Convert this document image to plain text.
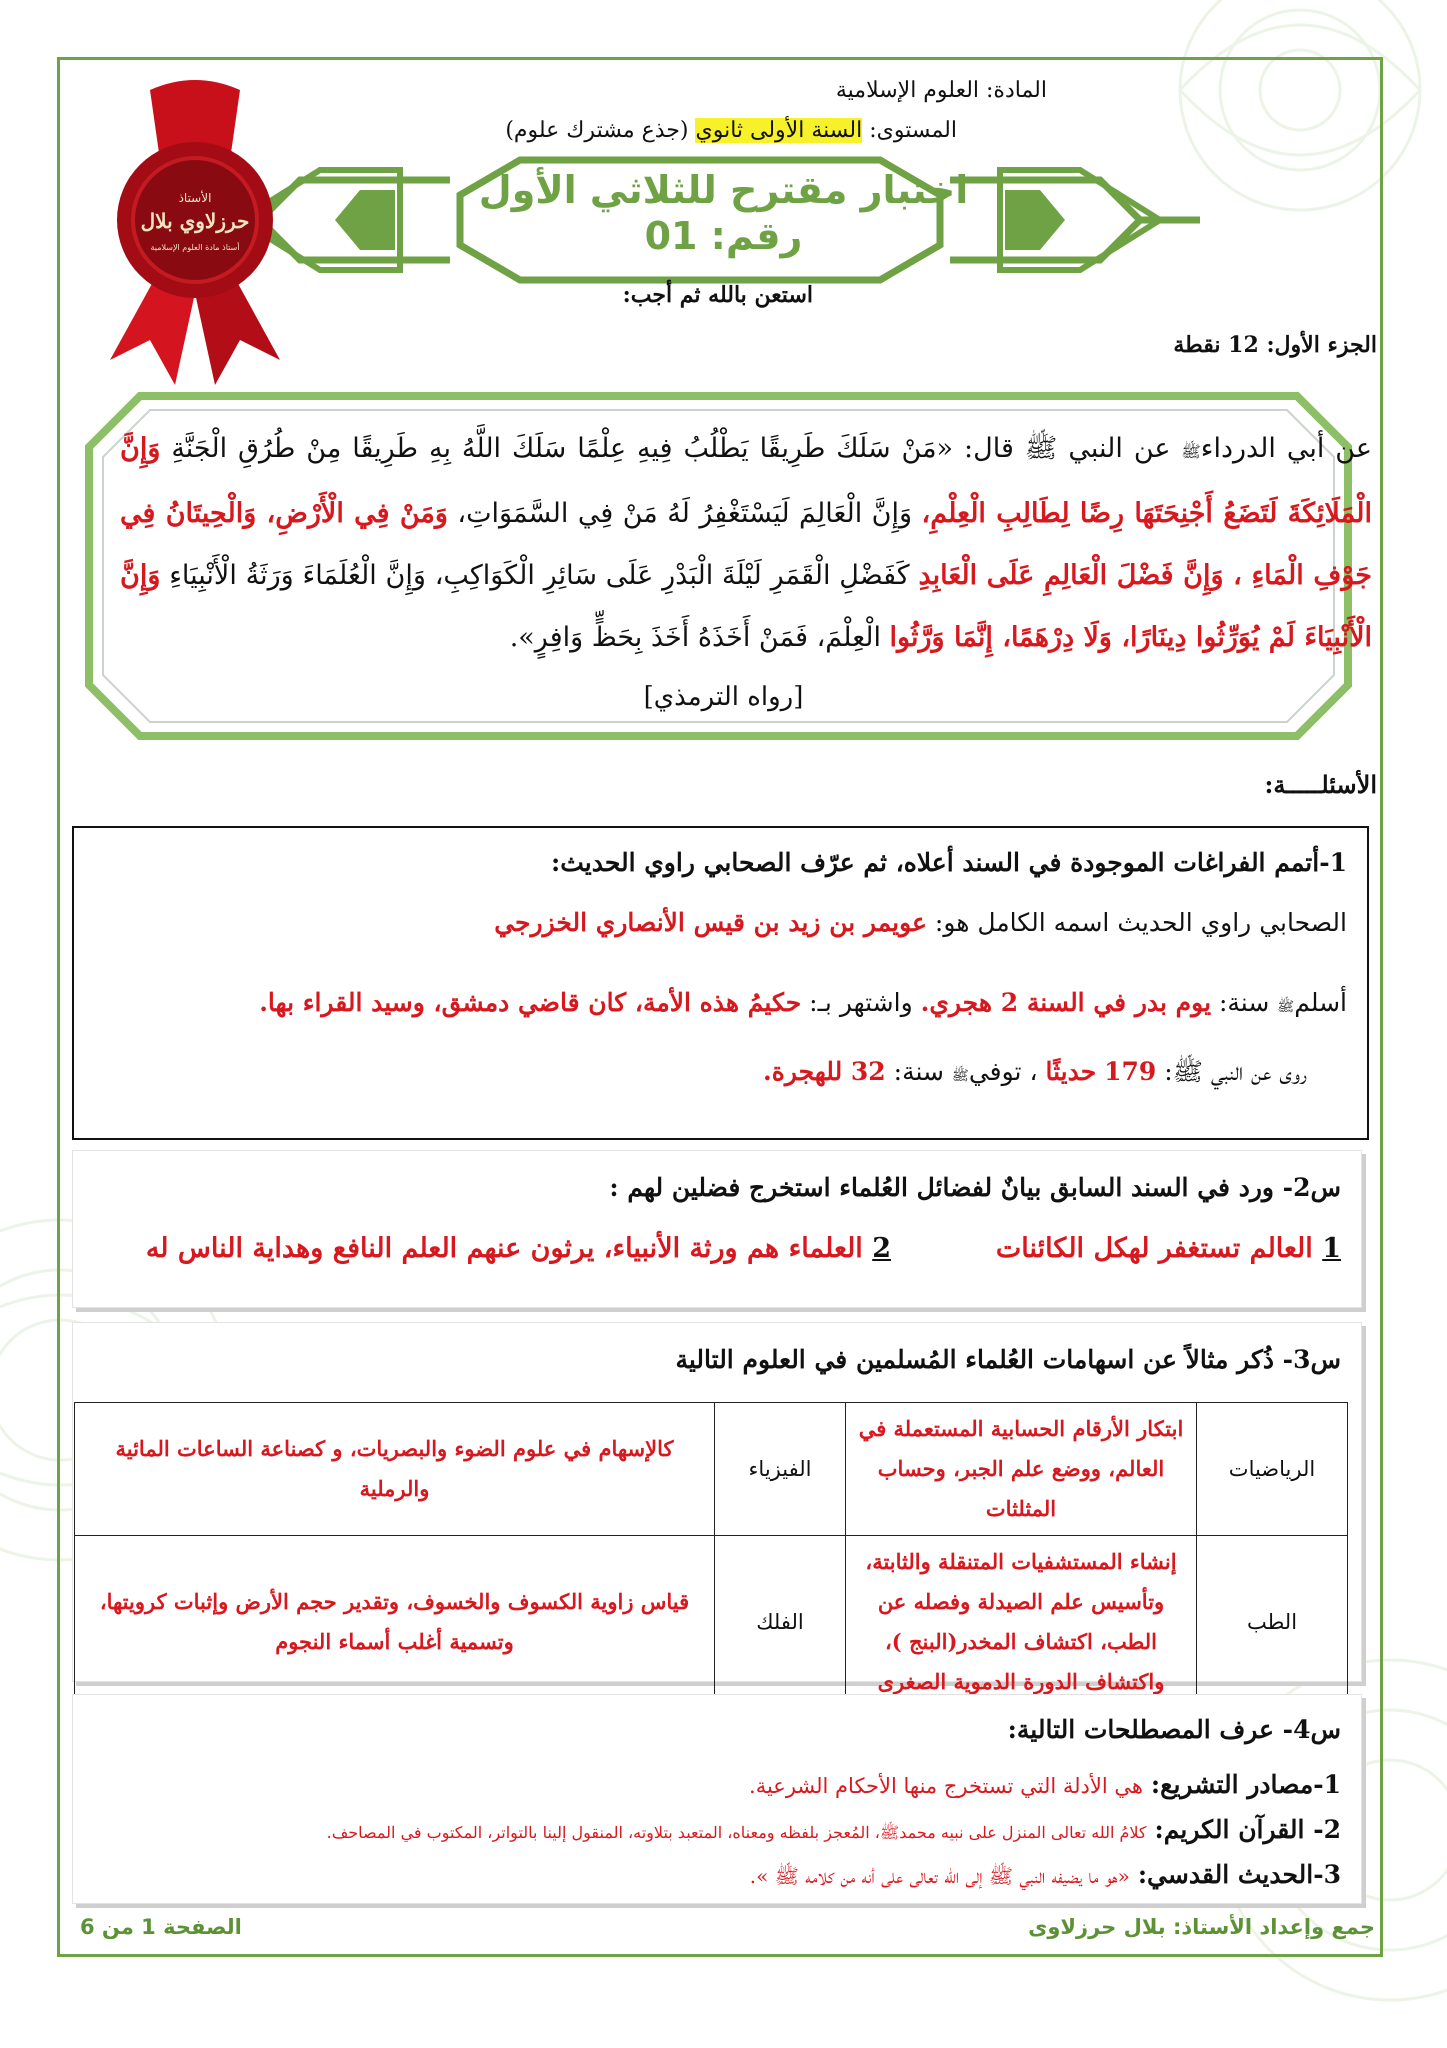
المادة: العلوم الإسلامية
المستوى: السنة الأولى ثانوي (جذع مشترك علوم)
اختبار مقترح للثلاثي الأول
رقم: 01
استعن بالله ثم أجب:
الجزء الأول: 12 نقطة
الأستاذ
حرزلاوي بلال
أستاذ مادة العلوم الإسلامية
عن أبي الدرداءﷺ عن النبي ﷺ قال: «مَنْ سَلَكَ طَرِيقًا يَطْلُبُ فِيهِ عِلْمًا سَلَكَ اللَّهُ بِهِ طَرِيقًا مِنْ طُرُقِ الْجَنَّةِ وَإِنَّ الْمَلَائِكَةَ لَتَضَعُ أَجْنِحَتَهَا رِضًا لِطَالِبِ الْعِلْمِ، وَإِنَّ الْعَالِمَ لَيَسْتَغْفِرُ لَهُ مَنْ فِي السَّمَوَاتِ، وَمَنْ فِي الْأَرْضِ، وَالْحِيتَانُ فِي جَوْفِ الْمَاءِ ، وَإِنَّ فَضْلَ الْعَالِمِ عَلَى الْعَابِدِ كَفَضْلِ الْقَمَرِ لَيْلَةَ الْبَدْرِ عَلَى سَائِرِ الْكَوَاكِبِ، وَإِنَّ الْعُلَمَاءَ وَرَثَةُ الْأَنْبِيَاءِ وَإِنَّ الْأَنْبِيَاءَ لَمْ يُوَرِّثُوا دِينَارًا، وَلَا دِرْهَمًا، إِنَّمَا وَرَّثُوا الْعِلْمَ، فَمَنْ أَخَذَهُ أَخَذَ بِحَظٍّ وَافِرٍ».
[رواه الترمذي]
الأسئلـــــة:
1-أتمم الفراغات الموجودة في السند أعلاه، ثم عرّف الصحابي راوي الحديث:
الصحابي راوي الحديث اسمه الكامل هو: عويمر بن زيد بن قيس الأنصاري الخزرجي
أسلمﷺ سنة: يوم بدر في السنة 2 هجري. واشتهر بـ: حكيمُ هذه الأمة، كان قاضي دمشق، وسيد القراء بها.
روى عن النبي ﷺ: 179 حديثًا ، توفيﷺ سنة: 32 للهجرة.
س2- ورد في السند السابق بيانٌ لفضائل العُلماء استخرج فضلين لهم :
1 العالم تستغفر لهكل الكائنات
2 العلماء هم ورثة الأنبياء، يرثون عنهم العلم النافع وهداية الناس له
س3- ذُكر مثالاً عن اسهامات العُلماء المُسلمين في العلوم التالية
الرياضيات	ابتكار الأرقام الحسابية المستعملة في العالم، ووضع علم الجبر، وحساب المثلثات	الفيزياء	كالإسهام في علوم الضوء والبصريات، و كصناعة الساعات المائية والرملية
الطب	إنشاء المستشفيات المتنقلة والثابتة، وتأسيس علم الصيدلة وفصله عن الطب، اكتشاف المخدر(البنج )، واكتشاف الدورة الدموية الصغرى	الفلك	قياس زاوية الكسوف والخسوف، وتقدير حجم الأرض وإثبات كرويتها، وتسمية أغلب أسماء النجوم
س4- عرف المصطلحات التالية:
1-مصادر التشريع: هي الأدلة التي تستخرج منها الأحكام الشرعية.
2- القرآن الكريم: كلامُ الله تعالى المنزل على نبيه محمدﷺ، المُعجز بلفظه ومعناه، المتعبد بتلاوته، المنقول إلينا بالتواتر، المكتوب في المصاحف.
3-الحديث القدسي: «هو ما يضيفه النبي ﷺ إلى الله تعالى على أنه من كلامه ﷺ ».
جمع وإعداد الأستاذ: بلال حرزلاوى
الصفحة 1 من 6
